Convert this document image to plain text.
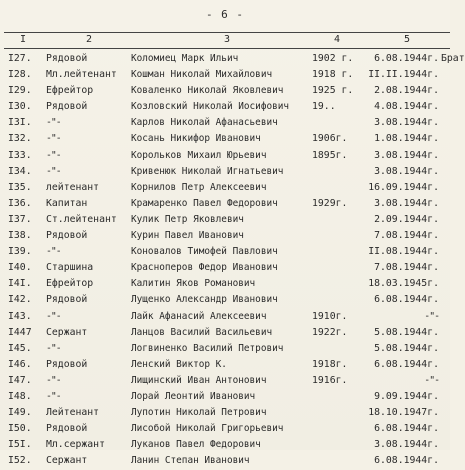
- 6 -
I	2	3	4	5
I27. Рядовой	Коломиец Марк Ильич	1902 г.	6.08.1944г. Брат
I28. Мл.лейтенант Кошман Николай Михайлович	1918 г.	II.II.1944г.
I29. Ефрейтор	Коваленко Николай Яковлевич	1925 г.	2.08.1944г.
I30. Рядовой	Козловский Николай Иосифович 19..	4.08.1944г.
I3I. -"-	Карлов Николай Афанасьевич	3.08.1944г.
I32. -"-	Косань Никифор Иванович	1906г.	1.08.1944г.
I33. -"-	Корольков Михаил Юрьевич	1895г.	3.08.1944г.
I34. -"-	Кривенюк Николай Игнатьевич	3.08.1944г.
I35. лейтенант	Корнилов Петр Алексеевич	16.09.1944г.
I36. Капитан	Крамаренко Павел Федорович	1929г.	3.08.1944г.
I37. Ст.лейтенант Кулик Петр Яковлевич	2.09.1944г.
I38. Рядовой	Курин Павел Иванович	7.08.1944г.
I39. -"-	Коновалов Тимофей Павлович	II.08.1944г.
I40. Старшина	Красноперов Федор Иванович	7.08.1944г.
I4I. Ефрейтор	Калитин Яков Романович	18.03.1945г.
I42. Рядовой	Лущенко Александр Иванович	6.08.1944г.
I43. -"-	Лайк Афанасий Алексеевич	1910г.	-"-
I447 Сержант	Ланцов Василий Васильевич	1922г.	5.08.1944г.
I45. -"-	Логвиненко Василий Петрович	5.08.1944г.
I46. Рядовой	Ленский Виктор К.	1918г.	6.08.1944г.
I47. -"-	Лищинский Иван Антонович	1916г.	-"-
I48. -"-	Лорай Леонтий Иванович	9.09.1944г.
I49. Лейтенант	Лупотин Николай Петрович	18.10.1947г.
I50. Рядовой	Лисобой Николай Григорьевич	6.08.1944г.
I5I. Мл.сержант	Луканов Павел Федорович	3.08.1944г.
I52. Сержант	Ланин Степан Иванович	6.08.1944г.
